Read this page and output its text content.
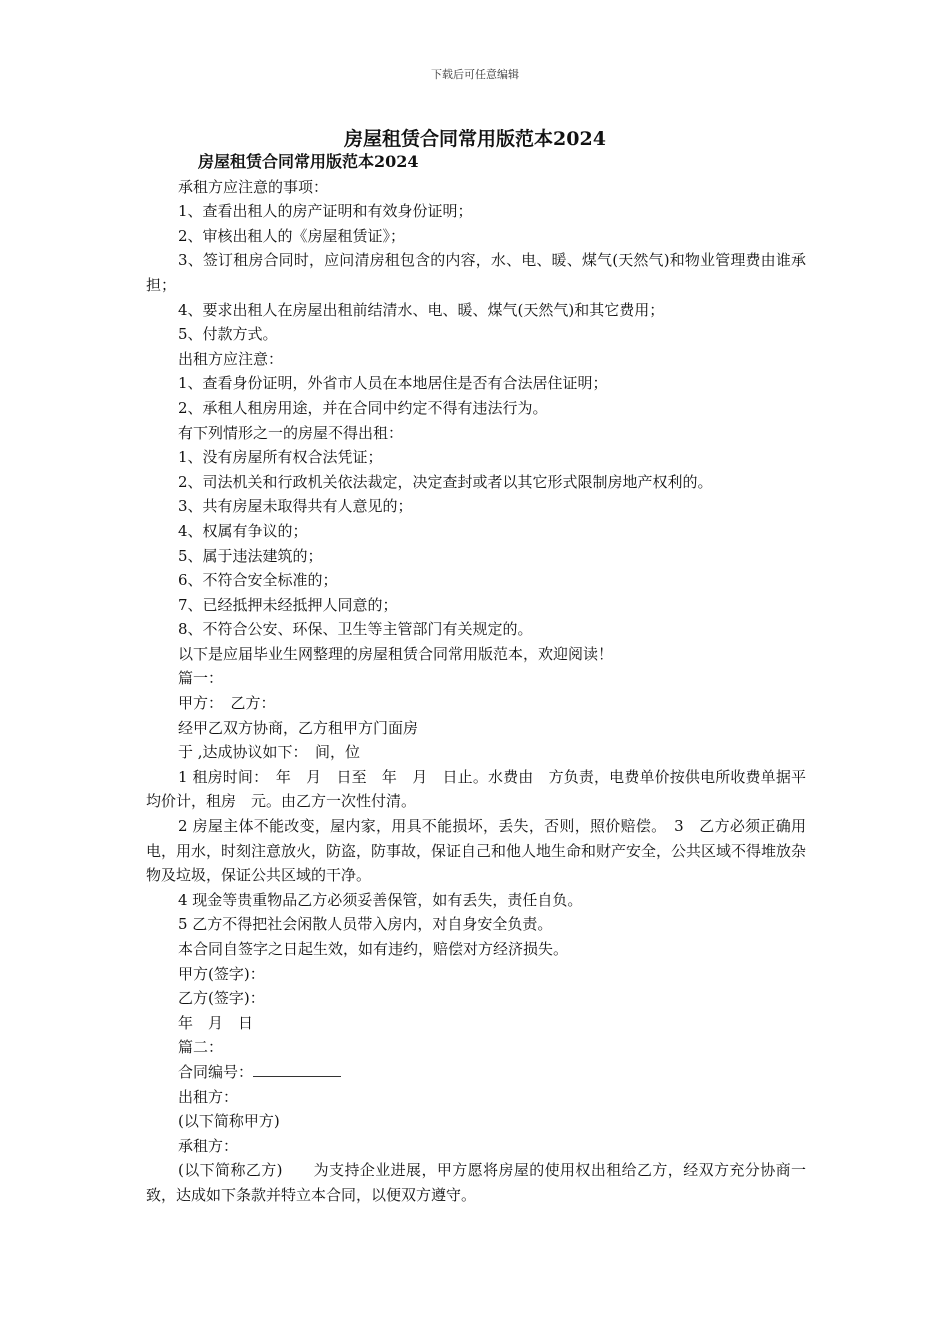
下载后可任意编辑
房屋租赁合同常用版范本2024

房屋租赁合同常用版范本2024

承租方应注意的事项：

1、查看出租人的房产证明和有效身份证明；

2、审核出租人的《房屋租赁证》；

3、签订租房合同时，应问清房租包含的内容，水、电、暖、煤气(天然气)和物业管理费由谁承担；

4、要求出租人在房屋出租前结清水、电、暖、煤气(天然气)和其它费用；

5、付款方式。

出租方应注意：

1、查看身份证明，外省市人员在本地居住是否有合法居住证明；

2、承租人租房用途，并在合同中约定不得有违法行为。

有下列情形之一的房屋不得出租：

1、没有房屋所有权合法凭证；

2、司法机关和行政机关依法裁定，决定查封或者以其它形式限制房地产权利的。

3、共有房屋未取得共有人意见的；

4、权属有争议的；

5、属于违法建筑的；

6、不符合安全标准的；

7、已经抵押未经抵押人同意的；

8、不符合公安、环保、卫生等主管部门有关规定的。

以下是应届毕业生网整理的房屋租赁合同常用版范本，欢迎阅读！

篇一：

甲方：　乙方：

经甲乙双方协商，乙方租甲方门面房

于 ,达成协议如下：　间，位

1 租房时间：　年　月　日至　年　月　日止。水费由　方负责，电费单价按供电所收费单据平均价计，租房　元。由乙方一次性付清。

2 房屋主体不能改变，屋内家，用具不能损坏，丢失，否则，照价赔偿。　3　乙方必须正确用电，用水，时刻注意放火，防盗，防事故，保证自己和他人地生命和财产安全，公共区域不得堆放杂物及垃圾，保证公共区域的干净。

4 现金等贵重物品乙方必须妥善保管，如有丢失，责任自负。

5 乙方不得把社会闲散人员带入房内，对自身安全负责。

本合同自签字之日起生效，如有违约，赔偿对方经济损失。

甲方(签字)：

乙方(签字)：

年　月　日

篇二：

合同编号：

出租方：

(以下简称甲方)

承租方：

(以下简称乙方)　　为支持企业进展，甲方愿将房屋的使用权出租给乙方，经双方充分协商一致，达成如下条款并特立本合同，以便双方遵守。
